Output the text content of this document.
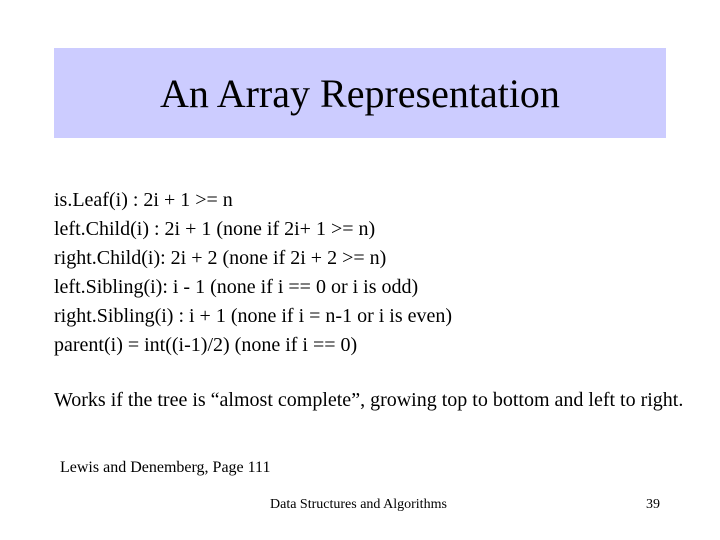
An Array Representation
is.Leaf(i) : 2i + 1 >= n
left.Child(i) : 2i + 1 (none if 2i+ 1 >= n)
right.Child(i): 2i + 2 (none if 2i + 2 >= n)
left.Sibling(i): i - 1 (none if i == 0 or i is odd)
right.Sibling(i) : i + 1 (none if i = n-1 or i is even)
parent(i) = int((i-1)/2) (none if i == 0)
Works if the tree is “almost complete”, growing top to bottom and left to right.
Lewis and Denemberg, Page 111
Data Structures and Algorithms	39
